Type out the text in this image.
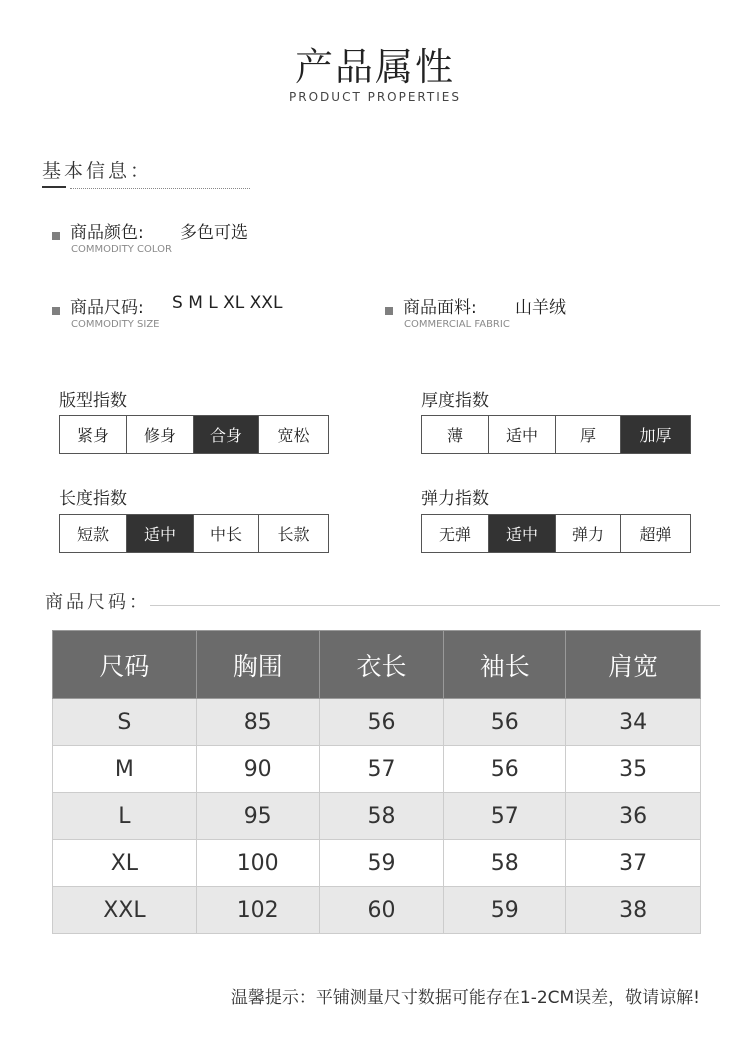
产品属性
PRODUCT PROPERTIES
基本信息：
商品颜色: 多色可选
COMMODITY COLOR
商品尺码: S M L XL XXL
COMMODITY SIZE
商品面料: 山羊绒
COMMERCIAL FABRIC
版型指数
紧身	修身	合身	宽松
厚度指数
薄	适中	厚	加厚
长度指数
短款	适中	中长	长款
弹力指数
无弹	适中	弹力	超弹
商品尺码：
尺码	胸围	衣长	袖长	肩宽
S	85	56	56	34
M	90	57	56	35
L	95	58	57	36
XL	100	59	58	37
XXL	102	60	59	38
温馨提示：平铺测量尺寸数据可能存在1-2CM误差，敬请谅解!
